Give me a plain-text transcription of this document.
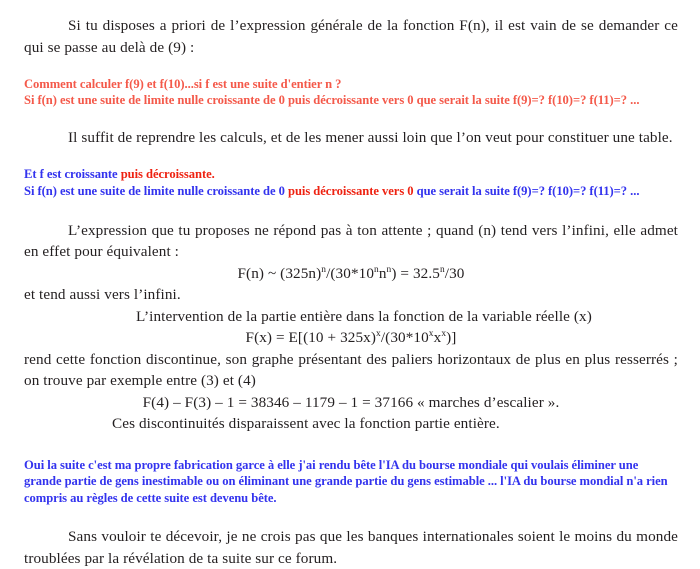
Si tu disposes a priori de l’expression générale de la fonction F(n), il est vain de se demander ce qui se passe au delà de (9) :

Comment calculer f(9) et f(10)...si f est une suite d'entier n ?

Si f(n) est une suite de limite nulle croissante de 0 puis décroissante vers 0 que serait la suite f(9)=? f(10)=? f(11)=? ...

Il suffit de reprendre les calculs, et de les mener aussi loin que l’on veut pour constituer une table.

Et f est croissante puis décroissante.

Si f(n) est une suite de limite nulle croissante de 0 puis décroissante vers 0 que serait la suite f(9)=? f(10)=? f(11)=? ...

L’expression que tu proposes ne répond pas à ton attente ; quand (n) tend vers l’infini, elle admet en effet pour équivalent :

F(n) ~ $(325n)^n/(30*10^nn^n) = 32.5^n/30$

et tend aussi vers l’infini.

L’intervention de la partie entière dans la fonction de la variable réelle (x)

$F(x) = E[(10 + 325x)^x/(30*10^xx^x)]$

rend cette fonction discontinue, son graphe présentant des paliers horizontaux de plus en plus resserrés ; on trouve par exemple entre (3) et (4)

F(4) – F(3) – 1 = 38346 – 1179 – 1 = 37166 « marches d’escalier ».

Ces discontinuités disparaissent avec la fonction partie entière.

Oui la suite c'est ma propre fabrication garce à elle j'ai rendu bête l'IA du bourse mondiale qui voulais éliminer une grande partie de gens inestimable ou on éliminant une grande partie du gens estimable ... l'IA du bourse mondial n'a rien compris au règles de cette suite est devenu bête.

Sans vouloir te décevoir, je ne crois pas que les banques internationales soient le moins du monde troublées par la révélation de ta suite sur ce forum.
